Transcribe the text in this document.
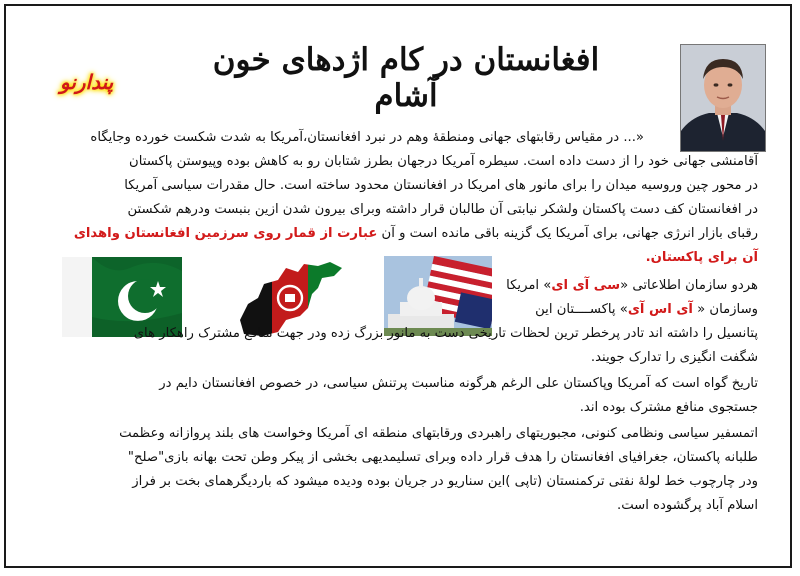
افغانستان در کام اژدهای خون آشام
پندارنو
«... در مقیاس رقابتهای جهانی ومنطقهٔ وهم در نبرد افغانستان،آمریکا به شدت شکست خورده وجایگاه
آقامنشی جهانی خود را از دست داده است. سیطره آمریکا درجهان بطرز شتابان رو به کاهش بوده وپیوستن پاکستان
در محور چین وروسیه میدان را برای مانور های امریکا در افغانستان محدود ساخته است. حال مقدرات سیاسی آمریکا
در افغانستان کف دست پاکستان ولشکر نیابتی آن طالبان قرار داشته وبرای بیرون شدن ازین بنبست ودرهم شکستن
رقبای بازار انرژی جهانی، برای آمریکا یک گزینه باقی مانده است و آن عبارت از قمار روی سرزمین افغانستان واهدای
آن برای پاکستان.
هردو سازمان اطلاعاتی «سی آی ای» امریکا
وسازمان « آی اس آی» پاکســــتان این
پتانسیل را داشته اند تادر پرخطر ترین لحظات تاریخی دست به مانور بزرگ زده ودر جهت منافع مشترک راهکار های
شگفت انگیزی را تدارک جویند.
تاریخ گواه است که آمریکا وپاکستان علی الرغم هرگونه مناسبت پرتنش سیاسی، در خصوص افغانستان دایم در
جستجوی منافع مشترک بوده اند.
اتمسفیر سیاسی ونظامی کنونی، مجبوریتهای راهبردی ورقابتهای منطقه ای آمریکا وخواست های بلند پروازانه وعظمت
طلبانه پاکستان، جغرافیای افغانستان را هدف قرار داده وبرای تسلیمدیهی بخشی از پیکر وطن تحت بهانه بازی"صلح"
ودر چارچوب خط لولهٔ نفتی ترکمنستان (تاپی )این سناریو در جریان بوده ودیده میشود که باردیگرهمای بخت بر فراز
اسلام آباد پرگشوده است.
